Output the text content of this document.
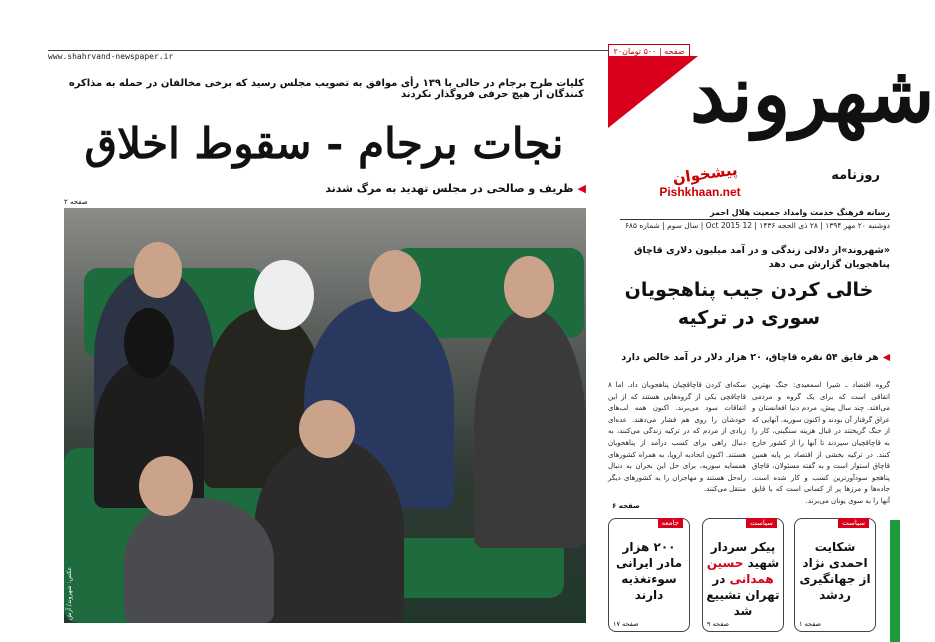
www.shahrvand-newspaper.ir
۲۰صفحه | ۵۰۰ تومان شهروند
روزنامه
پیشخوان
Pishkhaan.net
رسانه فرهنگ خدمت وامداد جمعیت هلال احمر
دوشنبه ۲۰ مهر ۱۳۹۴ | ۲۸ ذی الحجه ۱۴۳۶ | 12 Oct 2015 | سال سوم | شماره ۶۸۵
کلیات طرح برجام در حالی با ۱۳۹ رأی موافق به تصویب مجلس رسید که برخی مخالفان در حمله به مذاکره کنندگان از هیچ حرفی فروگذار نکردند
نجات برجام - سقوط اخلاق
◀ظریف و صالحی در مجلس تهدید به مرگ شدند
صفحه ۲
عکس: شهروند/ آرش
«شهروند»از دلالی زندگی و در آمد میلیون دلاری قاچاق پناهجویان گزارش می دهد
خالی کردن جیب پناهجویان سوری در ترکیه
◀هر قایق ۵۴ نفره قاچاق، ۲۰ هزار دلار در آمد خالص دارد
گروه اقتصاد ـ شیرا اسمعیدی: جنگ بهترین اتفاقی است که برای یک گروه و مردمی می‌افتد. چند سال پیش، مردم دنیا افغانستان و عراق گرفتار آن بودند و اکنون سوریه. آنهایی که از جنگ گریختند در قبال هزینه سنگینی، کار را به قاچاقچیان سپردند تا آنها را از کشور خارج کنند. در ترکیه بخشی از اقتصاد بر پایه همین قاچاق استوار است و به گفته مسئولان، قاچاق پناهجو سودآورترین کسب و کار شده است. جاده‌ها و مرزها پر از کسانی است که با قایق آنها را به سوی یونان می‌برند.
سکه‌ای کردن قاچاقچیان پناهجویان داد. اما ۸ قاچاقچی یکی از گروه‌هایی هستند که از این اتفاقات سود می‌برند. اکنون همه لب‌های خودشان را روی هم فشار می‌دهند. عده‌ای زیادی از مردم که در ترکیه زندگی می‌کنند، به دنبال راهی برای کسب درآمد از پناهجویان هستند. اکنون اتحادیه اروپا، به همراه کشورهای همسایه سوریه، برای حل این بحران به دنبال راه‌حل هستند و مهاجران را به کشورهای دیگر منتقل می‌کنند.
صفحه ۶
سیاست
شکایت احمدی نژاد از جهانگیری ردشد
صفحه ۱
سیاست
پیکر سردار شهید حسین همدانی در تهران تشییع شد
صفحه ۹
جامعه
۲۰۰ هزار مادر ایرانی سوءتغذیه دارند
صفحه ۱۷
